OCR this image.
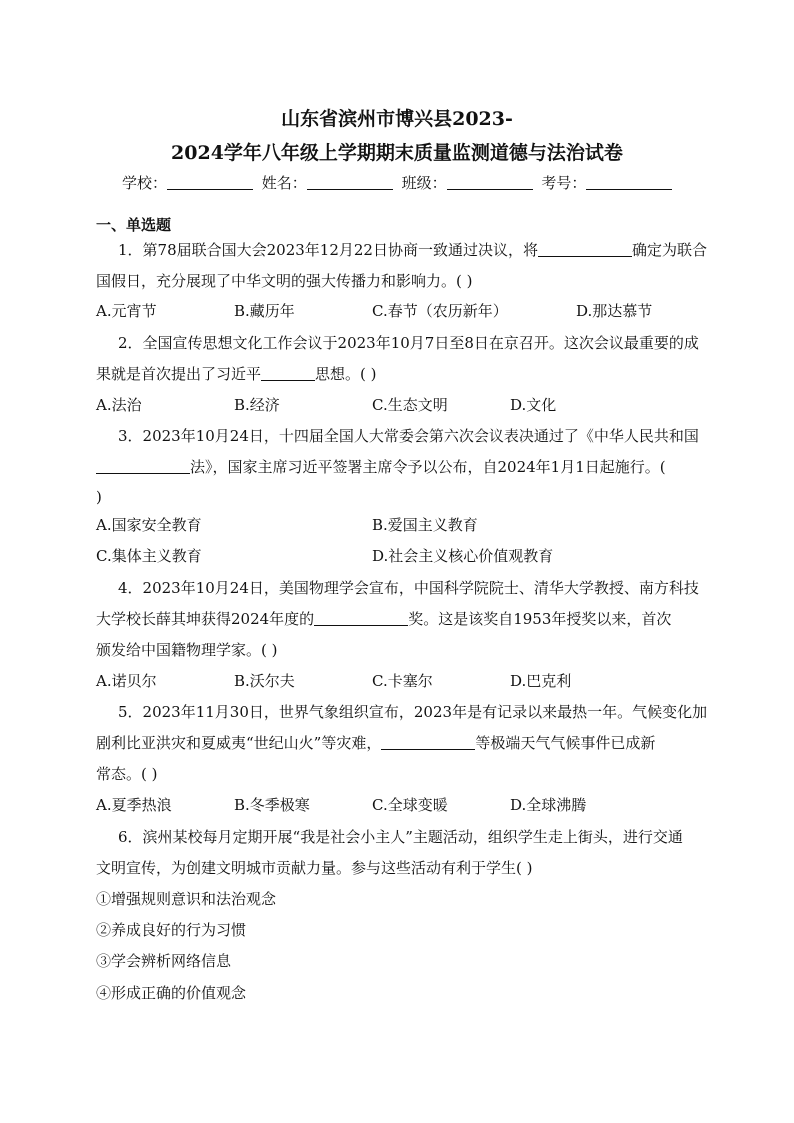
山东省滨州市博兴县2023-
2024学年八年级上学期期末质量监测道德与法治试卷
学校：	姓名：	班级：	考号：
一、单选题
1．第78届联合国大会2023年12月22日协商一致通过决议，将	确定为联合
国假日，充分展现了中华文明的强大传播力和影响力。( )
A.元宵节	B.藏历年	C.春节（农历新年）	D.那达慕节
2．全国宣传思想文化工作会议于2023年10月7日至8日在京召开。这次会议最重要的成
果就是首次提出了习近平	思想。( )
A.法治	B.经济	C.生态文明	D.文化
3．2023年10月24日，十四届全国人大常委会第六次会议表决通过了《中华人民共和国
法》，国家主席习近平签署主席令予以公布，自2024年1月1日起施行。(
)
A.国家安全教育	B.爱国主义教育
C.集体主义教育	D.社会主义核心价值观教育
4．2023年10月24日，美国物理学会宣布，中国科学院院士、清华大学教授、南方科技
大学校长薛其坤获得2024年度的	奖。这是该奖自1953年授奖以来，首次
颁发给中国籍物理学家。( )
A.诺贝尔	B.沃尔夫	C.卡塞尔	D.巴克利
5．2023年11月30日，世界气象组织宣布，2023年是有记录以来最热一年。气候变化加
剧利比亚洪灾和夏威夷“世纪山火”等灾难，	等极端天气气候事件已成新
常态。( )
A.夏季热浪	B.冬季极寒	C.全球变暖	D.全球沸腾
6．滨州某校每月定期开展“我是社会小主人”主题活动，组织学生走上街头，进行交通
文明宣传，为创建文明城市贡献力量。参与这些活动有利于学生( )
①增强规则意识和法治观念
②养成良好的行为习惯
③学会辨析网络信息
④形成正确的价值观念
